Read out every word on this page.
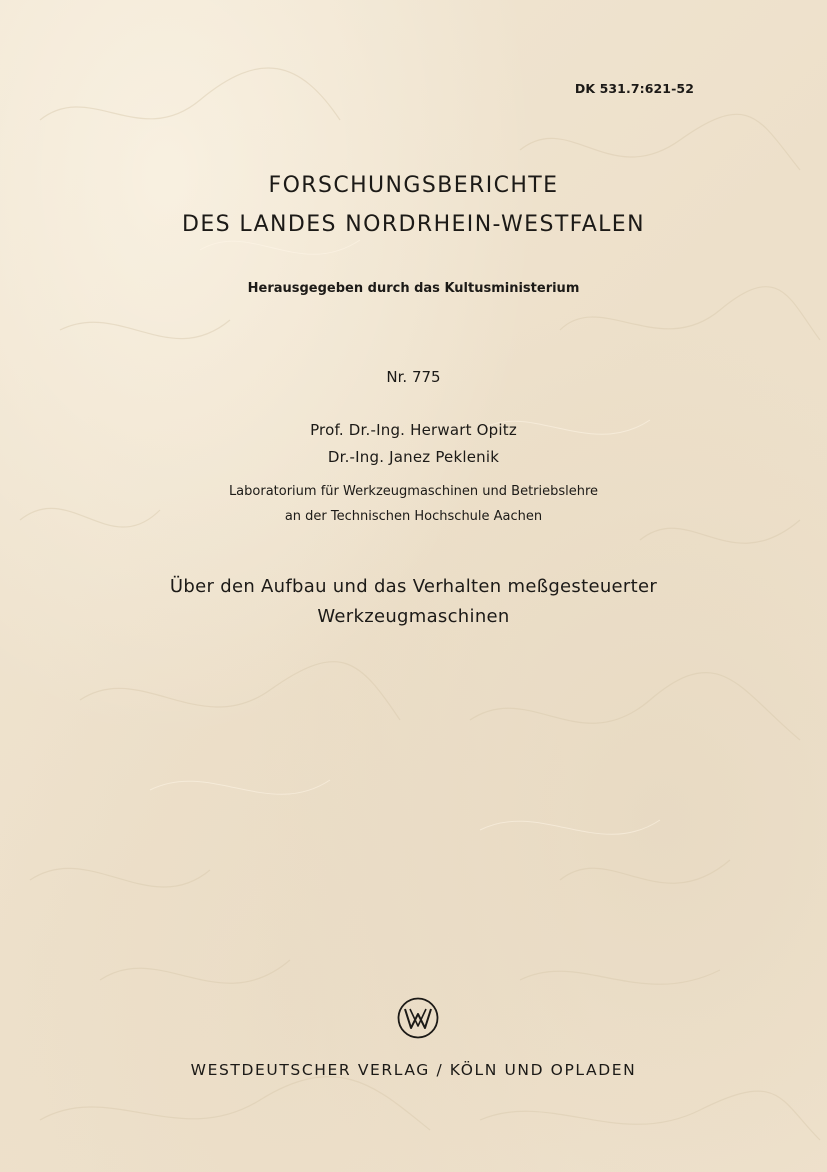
DK 531.7:621-52
FORSCHUNGSBERICHTE
DES LANDES NORDRHEIN-WESTFALEN
Herausgegeben durch das Kultusministerium
Nr. 775
Prof. Dr.-Ing. Herwart Opitz
Dr.-Ing. Janez Peklenik
Laboratorium für Werkzeugmaschinen und Betriebslehre
an der Technischen Hochschule Aachen
Über den Aufbau und das Verhalten meßgesteuerter
Werkzeugmaschinen
WESTDEUTSCHER VERLAG / KÖLN UND OPLADEN
